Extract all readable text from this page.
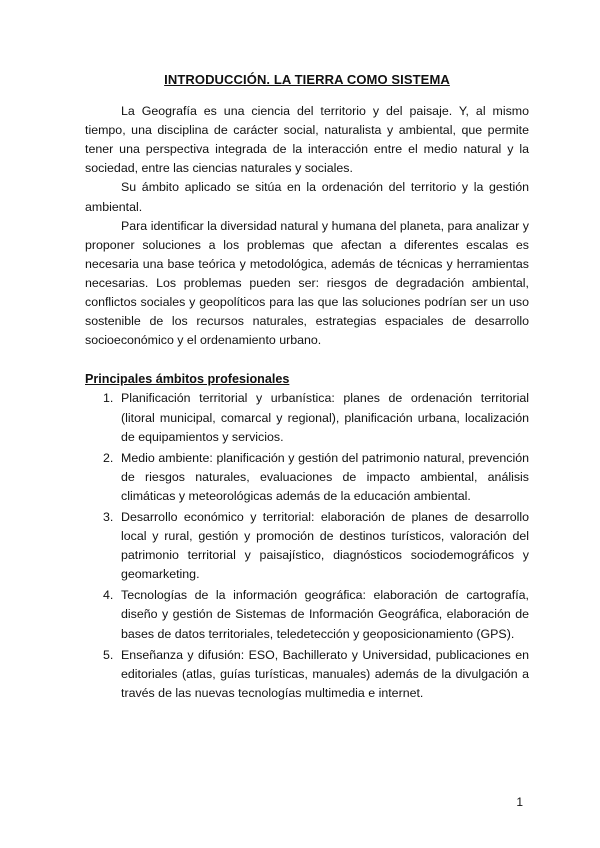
INTRODUCCIÓN. LA TIERRA COMO SISTEMA

La Geografía es una ciencia del territorio y del paisaje. Y, al mismo tiempo, una disciplina de carácter social, naturalista y ambiental, que permite tener una perspectiva integrada de la interacción entre el medio natural y la sociedad, entre las ciencias naturales y sociales.

Su ámbito aplicado se sitúa en la ordenación del territorio y la gestión ambiental.

Para identificar la diversidad natural y humana del planeta, para analizar y proponer soluciones a los problemas que afectan a diferentes escalas es necesaria una base teórica y metodológica, además de técnicas y herramientas necesarias. Los problemas pueden ser: riesgos de degradación ambiental, conflictos sociales y geopolíticos para las que las soluciones podrían ser un uso sostenible de los recursos naturales, estrategias espaciales de desarrollo socioeconómico y el ordenamiento urbano.

Principales ámbitos profesionales
1. Planificación territorial y urbanística: planes de ordenación territorial (litoral municipal, comarcal y regional), planificación urbana, localización de equipamientos y servicios.
2. Medio ambiente: planificación y gestión del patrimonio natural, prevención de riesgos naturales, evaluaciones de impacto ambiental, análisis climáticas y meteorológicas además de la educación ambiental.
3. Desarrollo económico y territorial: elaboración de planes de desarrollo local y rural, gestión y promoción de destinos turísticos, valoración del patrimonio territorial y paisajístico, diagnósticos sociodemográficos y geomarketing.
4. Tecnologías de la información geográfica: elaboración de cartografía, diseño y gestión de Sistemas de Información Geográfica, elaboración de bases de datos territoriales, teledetección y geoposicionamiento (GPS).
5. Enseñanza y difusión: ESO, Bachillerato y Universidad, publicaciones en editoriales (atlas, guías turísticas, manuales) además de la divulgación a través de las nuevas tecnologías multimedia e internet.
1
